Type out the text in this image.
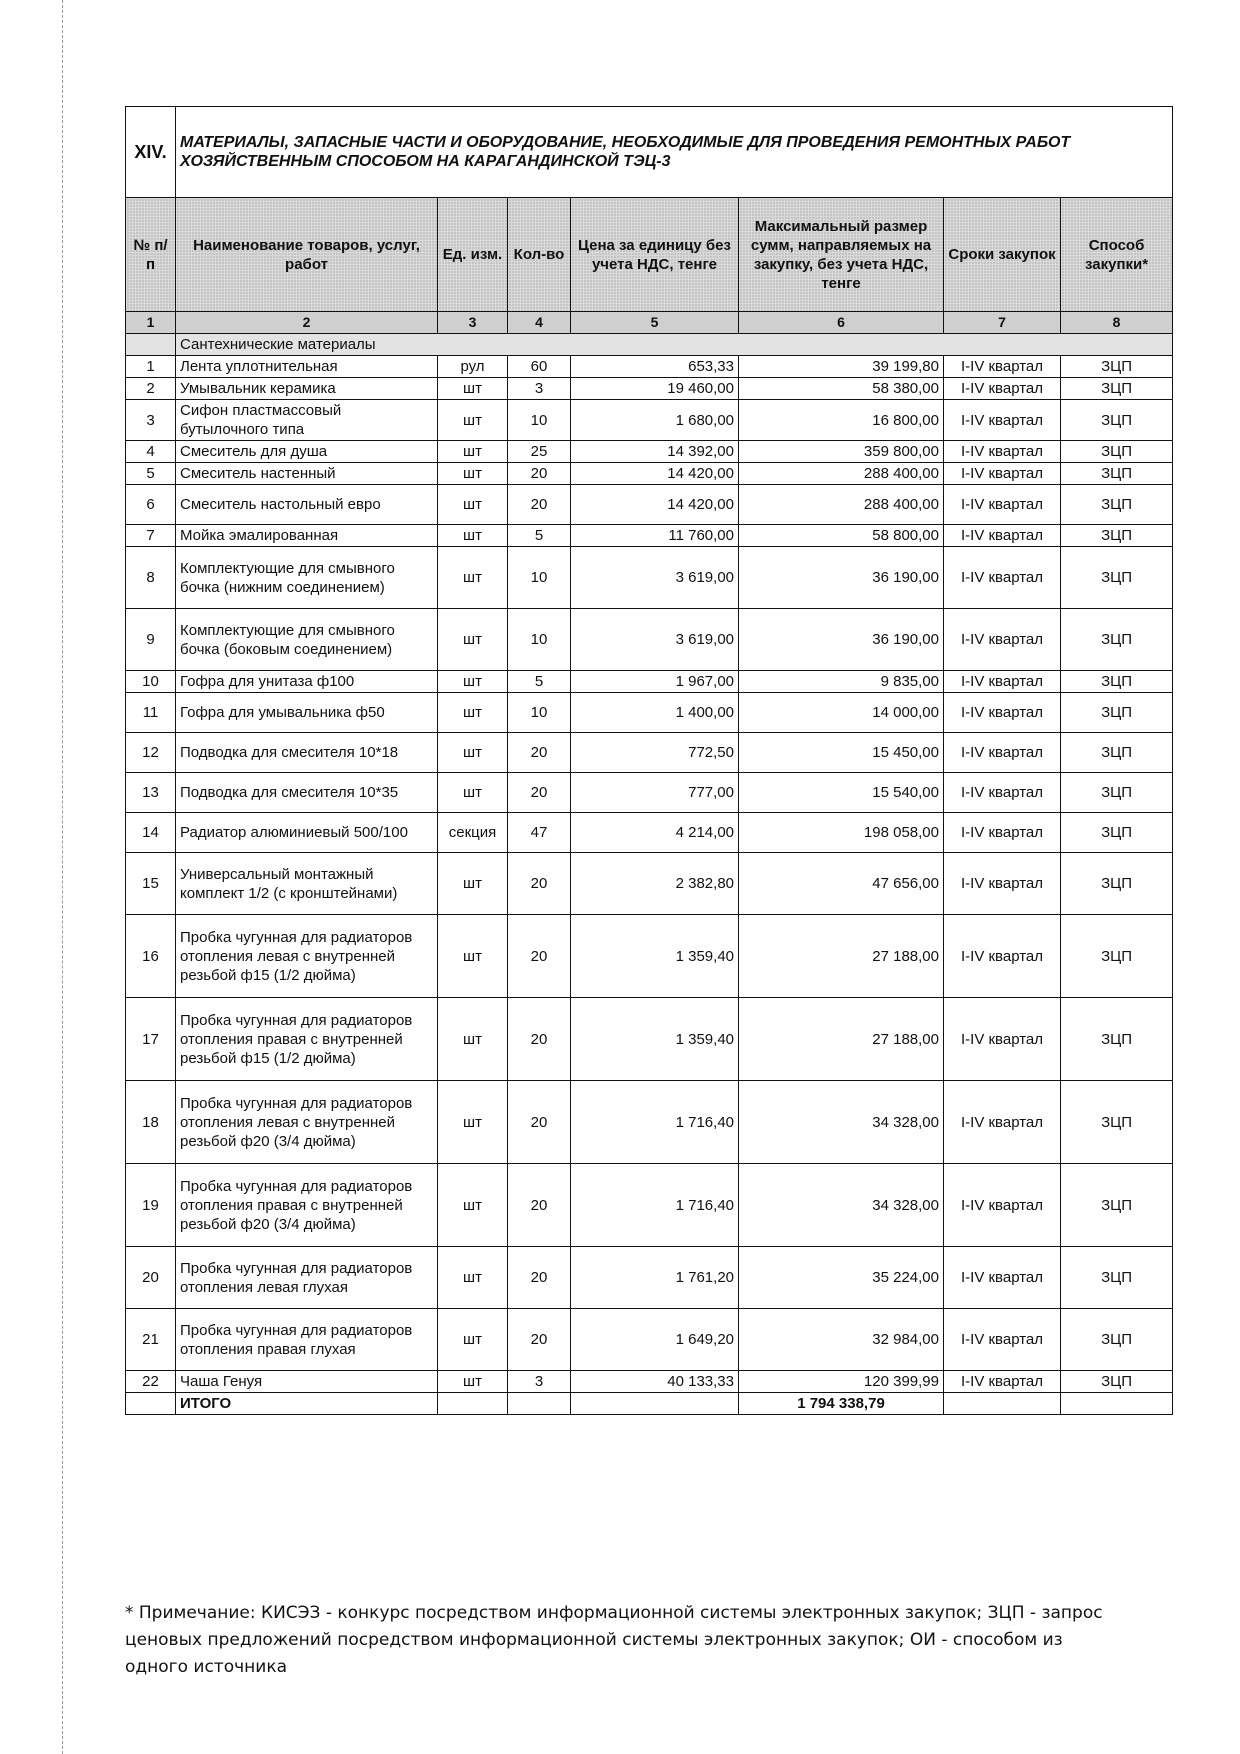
XIV.	МАТЕРИАЛЫ, ЗАПАСНЫЕ ЧАСТИ И ОБОРУДОВАНИЕ, НЕОБХОДИМЫЕ ДЛЯ ПРОВЕДЕНИЯ РЕМОНТНЫХ РАБОТ ХОЗЯЙСТВЕННЫМ СПОСОБОМ НА КАРАГАНДИНСКОЙ ТЭЦ-3						
№ п/п	Наименование товаров, услуг, работ	Ед. изм.	Кол-во	Цена за единицу без учета НДС, тенге	Максимальный размер сумм, направляемых на закупку, без учета НДС, тенге	Сроки закупок	Способ закупки*
1	2	3	4	5	6	7	8
	Сантехнические материалы						
1	Лента уплотнительная	рул	60	653,33	39 199,80	I-IV квартал	ЗЦП
2	Умывальник керамика	шт	3	19 460,00	58 380,00	I-IV квартал	ЗЦП
3	Сифон пластмассовый бутылочного типа	шт	10	1 680,00	16 800,00	I-IV квартал	ЗЦП
4	Смеситель для душа	шт	25	14 392,00	359 800,00	I-IV квартал	ЗЦП
5	Смеситель настенный	шт	20	14 420,00	288 400,00	I-IV квартал	ЗЦП
6	Смеситель настольный евро	шт	20	14 420,00	288 400,00	I-IV квартал	ЗЦП
7	Мойка эмалированная	шт	5	11 760,00	58 800,00	I-IV квартал	ЗЦП
8	Комплектующие для смывного бочка (нижним соединением)	шт	10	3 619,00	36 190,00	I-IV квартал	ЗЦП
9	Комплектующие для смывного бочка (боковым соединением)	шт	10	3 619,00	36 190,00	I-IV квартал	ЗЦП
10	Гофра для унитаза ф100	шт	5	1 967,00	9 835,00	I-IV квартал	ЗЦП
11	Гофра для умывальника ф50	шт	10	1 400,00	14 000,00	I-IV квартал	ЗЦП
12	Подводка для смесителя 10*18	шт	20	772,50	15 450,00	I-IV квартал	ЗЦП
13	Подводка для смесителя 10*35	шт	20	777,00	15 540,00	I-IV квартал	ЗЦП
14	Радиатор алюминиевый 500/100	секция	47	4 214,00	198 058,00	I-IV квартал	ЗЦП
15	Универсальный монтажный комплект 1/2 (с кронштейнами)	шт	20	2 382,80	47 656,00	I-IV квартал	ЗЦП
16	Пробка чугунная для радиаторов отопления левая с внутренней резьбой ф15 (1/2 дюйма)	шт	20	1 359,40	27 188,00	I-IV квартал	ЗЦП
17	Пробка чугунная для радиаторов отопления правая с внутренней резьбой ф15 (1/2 дюйма)	шт	20	1 359,40	27 188,00	I-IV квартал	ЗЦП
18	Пробка чугунная для радиаторов отопления левая с внутренней резьбой ф20 (3/4 дюйма)	шт	20	1 716,40	34 328,00	I-IV квартал	ЗЦП
19	Пробка чугунная для радиаторов отопления правая с внутренней резьбой ф20 (3/4 дюйма)	шт	20	1 716,40	34 328,00	I-IV квартал	ЗЦП
20	Пробка чугунная для радиаторов отопления левая глухая	шт	20	1 761,20	35 224,00	I-IV квартал	ЗЦП
21	Пробка чугунная для радиаторов отопления правая глухая	шт	20	1 649,20	32 984,00	I-IV квартал	ЗЦП
22	Чаша Генуя	шт	3	40 133,33	120 399,99	I-IV квартал	ЗЦП
	ИТОГО				1 794 338,79		
* Примечание: КИСЭЗ - конкурс посредством информационной системы электронных закупок; ЗЦП - запрос ценовых предложений посредством информационной системы электронных закупок; ОИ - способом из одного источника
